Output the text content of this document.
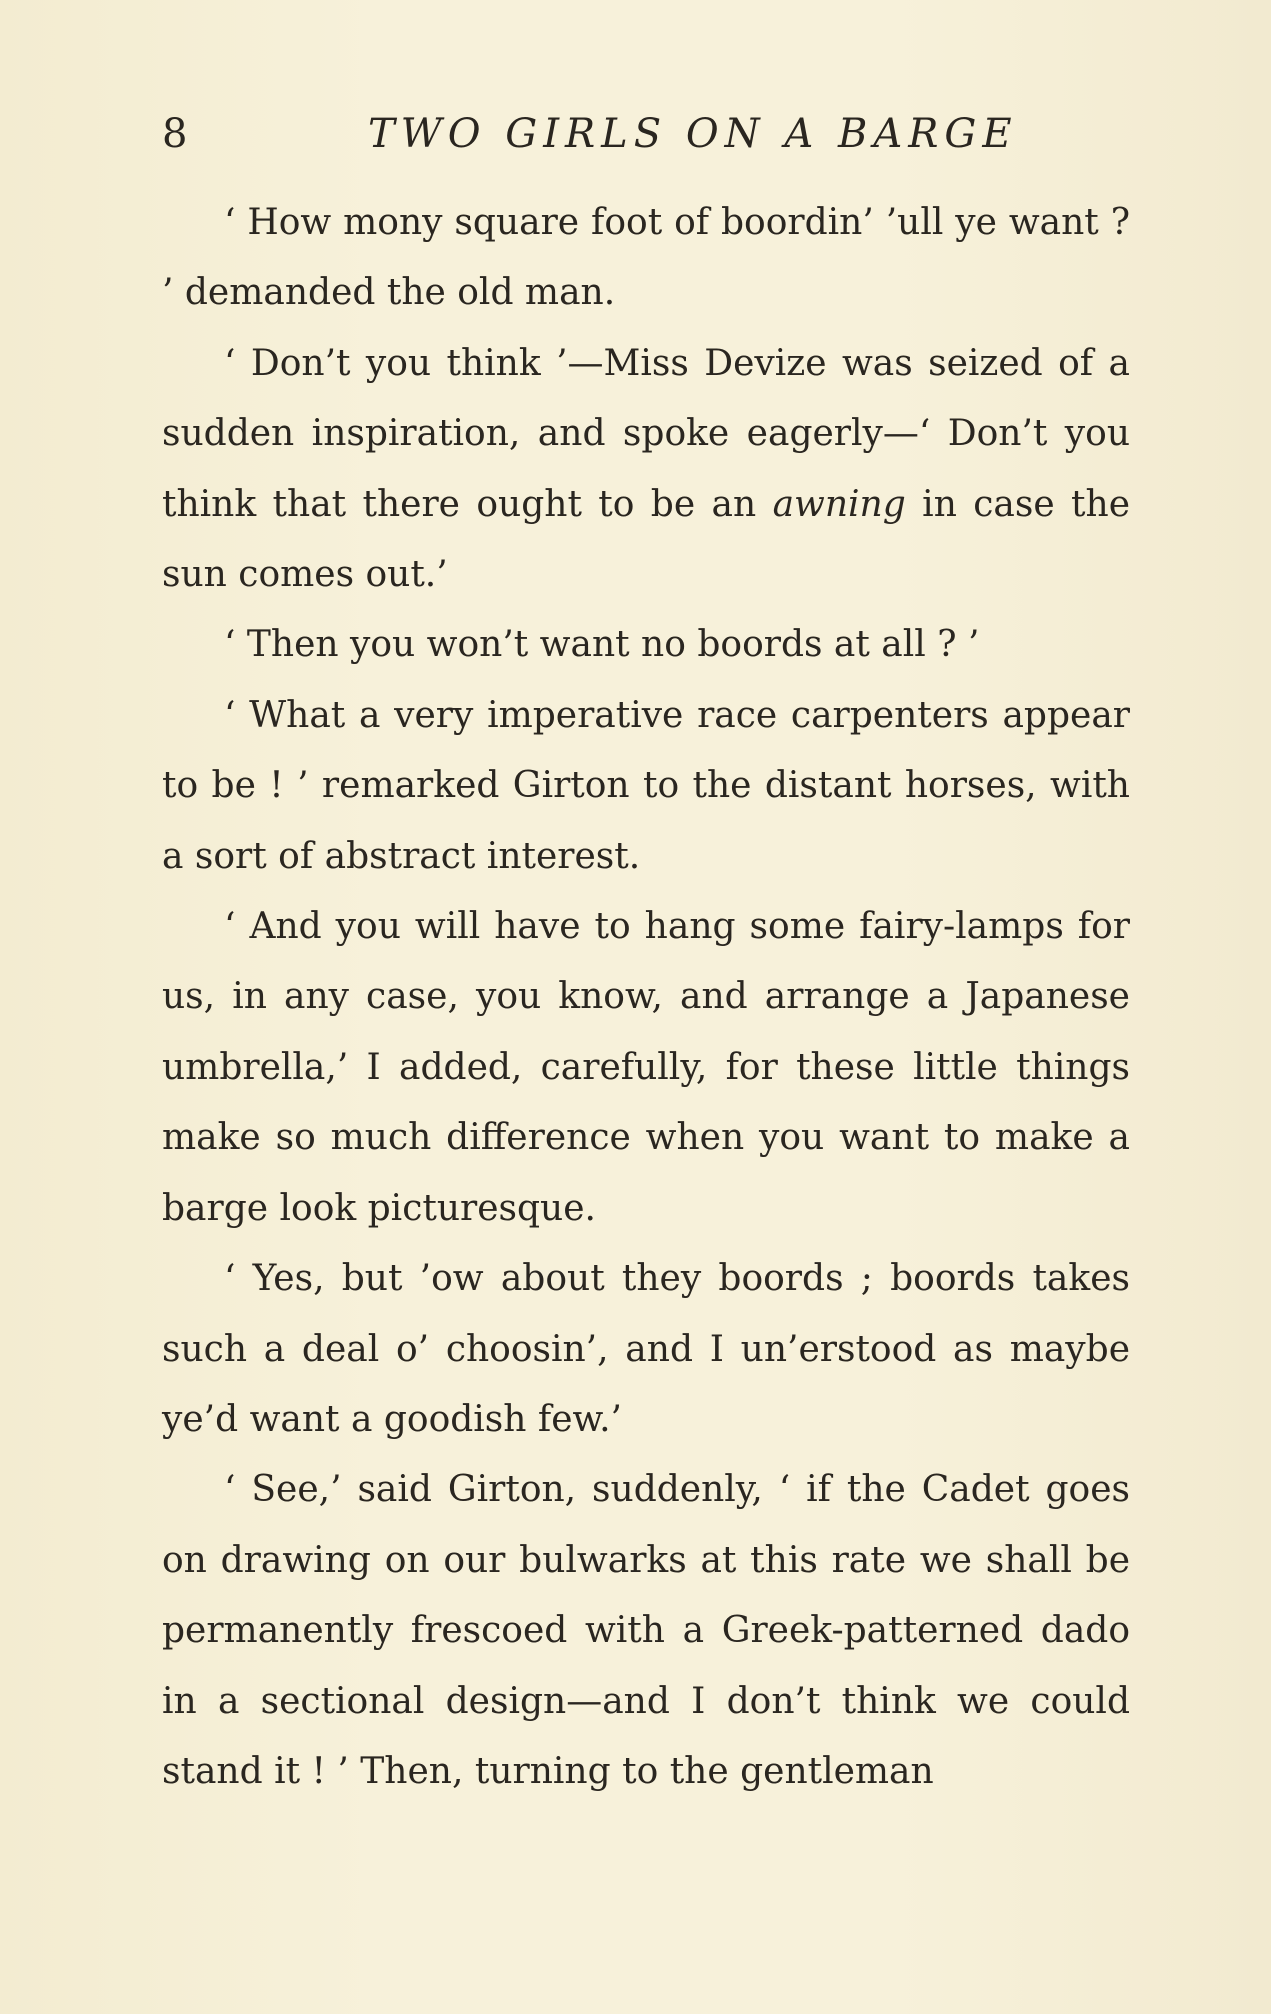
8	TWO GIRLS ON A BARGE

‘ How mony square foot of boordin’ ’ull ye want ? ’ demanded the old man.

‘ Don’t you think ’—Miss Devize was seized of a sudden inspiration, and spoke eagerly—‘ Don’t you think that there ought to be an awning in case the sun comes out.’

‘ Then you won’t want no boords at all ? ’

‘ What a very imperative race carpenters appear to be ! ’ remarked Girton to the distant horses, with a sort of abstract interest.

‘ And you will have to hang some fairy-lamps for us, in any case, you know, and arrange a Japanese umbrella,’ I added, carefully, for these little things make so much difference when you want to make a barge look picturesque.

‘ Yes, but ’ow about they boords ; boords takes such a deal o’ choosin’, and I un’erstood as maybe ye’d want a goodish few.’

‘ See,’ said Girton, suddenly, ‘ if the Cadet goes on drawing on our bulwarks at this rate we shall be permanently frescoed with a Greek-patterned dado in a sectional design—and I don’t think we could stand it ! ’ Then, turning to the gentleman
